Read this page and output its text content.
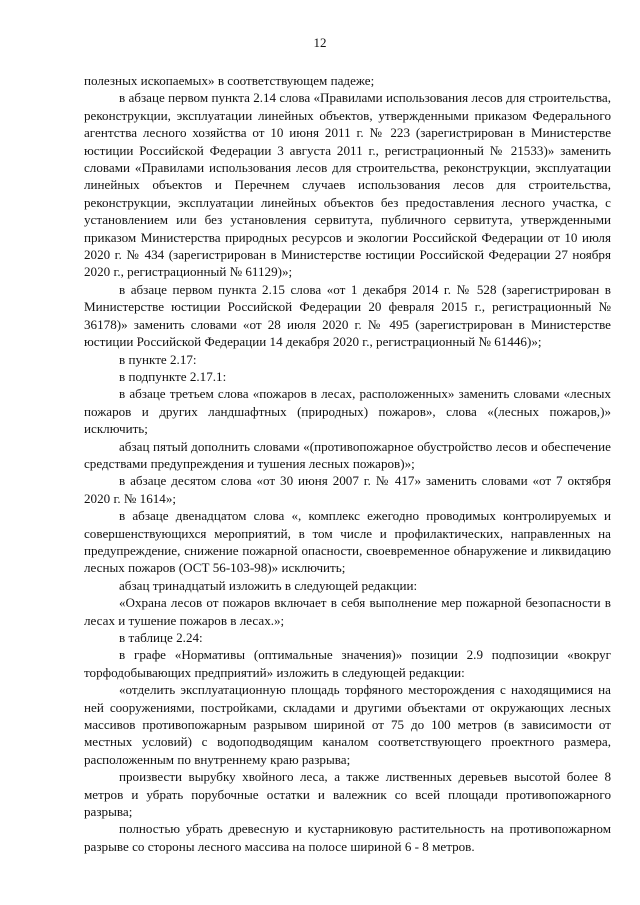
12

полезных ископаемых» в соответствующем падеже;

в абзаце первом пункта 2.14 слова «Правилами использования лесов для строительства, реконструкции, эксплуатации линейных объектов, утвержденными приказом Федерального агентства лесного хозяйства от 10 июня 2011 г. № 223 (зарегистрирован в Министерстве юстиции Российской Федерации 3 августа 2011 г., регистрационный № 21533)» заменить словами «Правилами использования лесов для строительства, реконструкции, эксплуатации линейных объектов и Перечнем случаев использования лесов для строительства, реконструкции, эксплуатации линейных объектов без предоставления лесного участка, с установлением или без установления сервитута, публичного сервитута, утвержденными приказом Министерства природных ресурсов и экологии Российской Федерации от 10 июля 2020 г. № 434 (зарегистрирован в Министерстве юстиции Российской Федерации 27 ноября 2020 г., регистрационный № 61129)»;

в абзаце первом пункта 2.15 слова «от 1 декабря 2014 г. № 528 (зарегистрирован в Министерстве юстиции Российской Федерации 20 февраля 2015 г., регистрационный № 36178)» заменить словами «от 28 июля 2020 г. № 495 (зарегистрирован в Министерстве юстиции Российской Федерации 14 декабря 2020 г., регистрационный № 61446)»;

в пункте 2.17:

в подпункте 2.17.1:

в абзаце третьем слова «пожаров в лесах, расположенных» заменить словами «лесных пожаров и других ландшафтных (природных) пожаров», слова «(лесных пожаров,)» исключить;

абзац пятый дополнить словами «(противопожарное обустройство лесов и обеспечение средствами предупреждения и тушения лесных пожаров)»;

в абзаце десятом слова «от 30 июня 2007 г. № 417» заменить словами «от 7 октября 2020 г. № 1614»;

в абзаце двенадцатом слова «, комплекс ежегодно проводимых контролируемых и совершенствующихся мероприятий, в том числе и профилактических, направленных на предупреждение, снижение пожарной опасности, своевременное обнаружение и ликвидацию лесных пожаров (ОСТ 56-103-98)» исключить;

абзац тринадцатый изложить в следующей редакции:

«Охрана лесов от пожаров включает в себя выполнение мер пожарной безопасности в лесах и тушение пожаров в лесах.»;

в таблице 2.24:

в графе «Нормативы (оптимальные значения)» позиции 2.9 подпозиции «вокруг торфодобывающих предприятий» изложить в следующей редакции:

«отделить эксплуатационную площадь торфяного месторождения с находящимися на ней сооружениями, постройками, складами и другими объектами от окружающих лесных массивов противопожарным разрывом шириной от 75 до 100 метров (в зависимости от местных условий) с водоподводящим каналом соответствующего проектного размера, расположенным по внутреннему краю разрыва;

произвести вырубку хвойного леса, а также лиственных деревьев высотой более 8 метров и убрать порубочные остатки и валежник со всей площади противопожарного разрыва;

полностью убрать древесную и кустарниковую растительность на противопожарном разрыве со стороны лесного массива на полосе шириной 6 - 8 метров.
